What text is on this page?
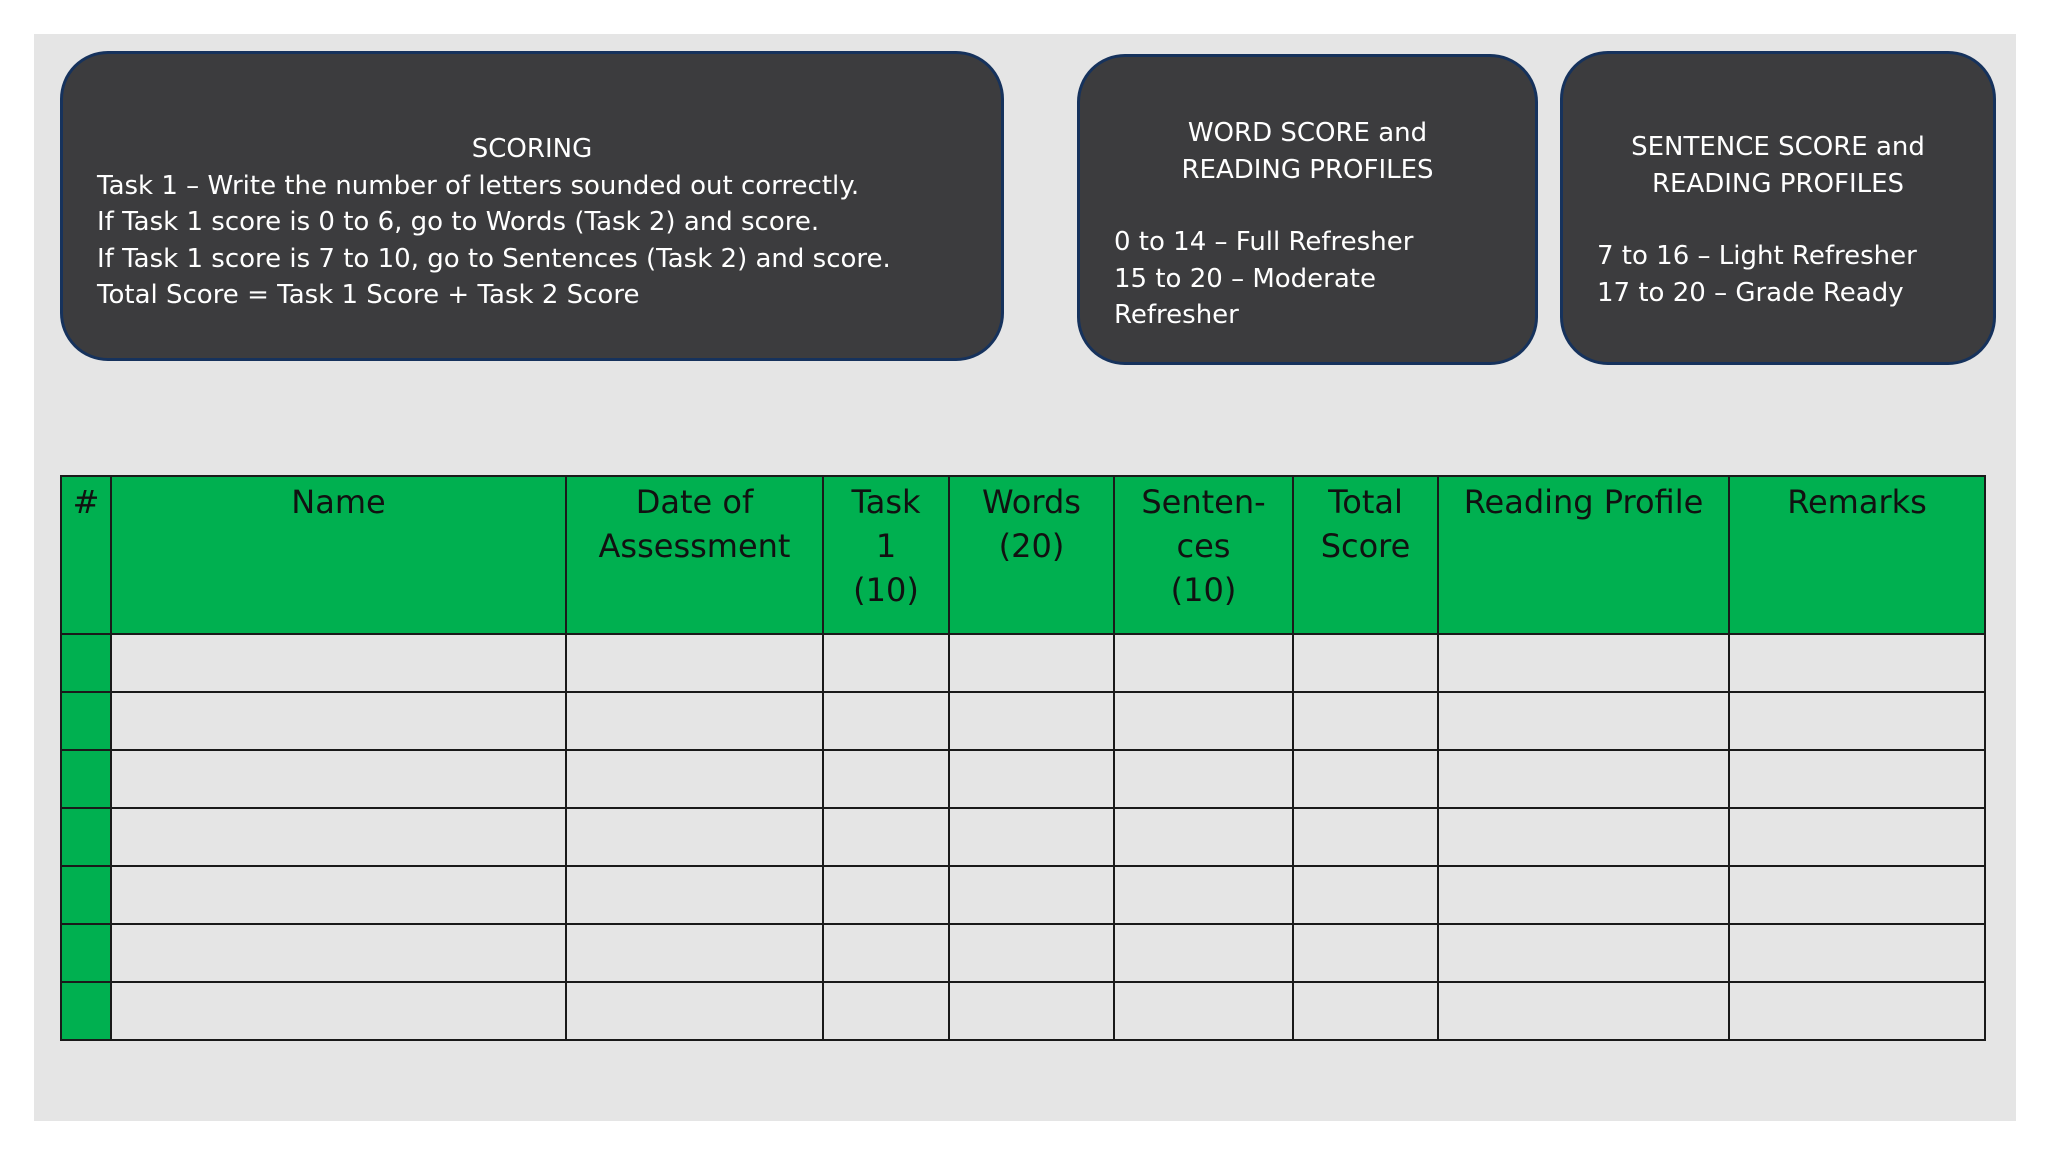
SCORING

Task 1 – Write the number of letters sounded out correctly.

If Task 1 score is 0 to 6, go to Words (Task 2) and score.

If Task 1 score is 7 to 10, go to Sentences (Task 2) and score.

Total Score = Task 1 Score + Task 2 Score

WORD SCORE and
READING PROFILES

0 to 14 – Full Refresher

15 to 20 – Moderate
Refresher

SENTENCE SCORE and
READING PROFILES

7 to 16 – Light Refresher

17 to 20 – Grade Ready

#	Name	Date of
Assessment	Task
1
(10)	Words
(20)	Senten-
ces
(10)	Total
Score	Reading Profile	Remarks
